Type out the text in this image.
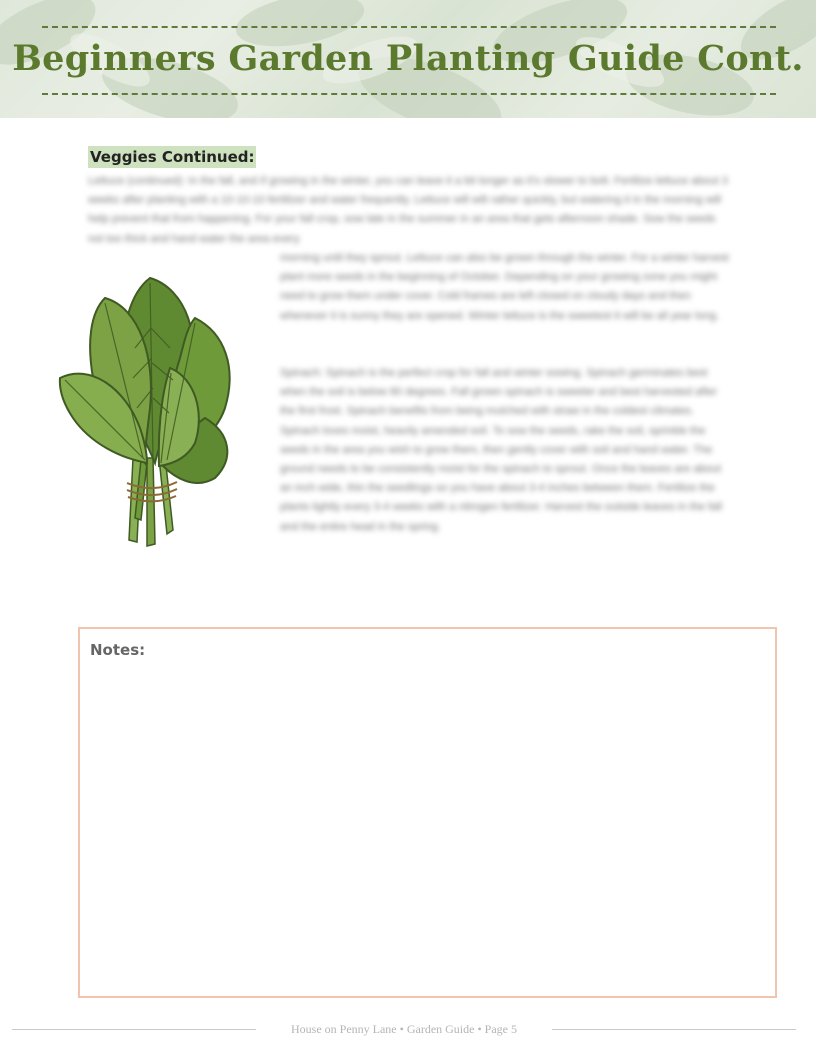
Beginners Garden Planting Guide Cont.
Veggies Continued:

Lettuce (continued): In the fall, and if growing in the winter, you can leave it a bit longer as it's slower to bolt. Fertilize lettuce about 3 weeks after planting with a 10-10-10 fertilizer and water frequently. Lettuce will wilt rather quickly, but watering it in the morning will help prevent that from happening. For your fall crop, sow late in the summer in an area that gets afternoon shade. Sow the seeds not too thick and hand water the area every

morning until they sprout. Lettuce can also be grown through the winter. For a winter harvest plant more seeds in the beginning of October. Depending on your growing zone you might need to grow them under cover. Cold frames are left closed on cloudy days and then whenever it is sunny they are opened. Winter lettuce is the sweetest it will be all year long.

Spinach: Spinach is the perfect crop for fall and winter sowing. Spinach germinates best when the soil is below 80 degrees. Fall grown spinach is sweeter and best harvested after the first frost. Spinach benefits from being mulched with straw in the coldest climates. Spinach loves moist, heavily amended soil. To sow the seeds, rake the soil, sprinkle the seeds in the area you wish to grow them, then gently cover with soil and hand water. The ground needs to be consistently moist for the spinach to sprout. Once the leaves are about an inch wide, thin the seedlings so you have about 3-4 inches between them. Fertilize the plants lightly every 3-4 weeks with a nitrogen fertilizer. Harvest the outside leaves in the fall and the entire head in the spring.

Notes:
House on Penny Lane • Garden Guide • Page 5
